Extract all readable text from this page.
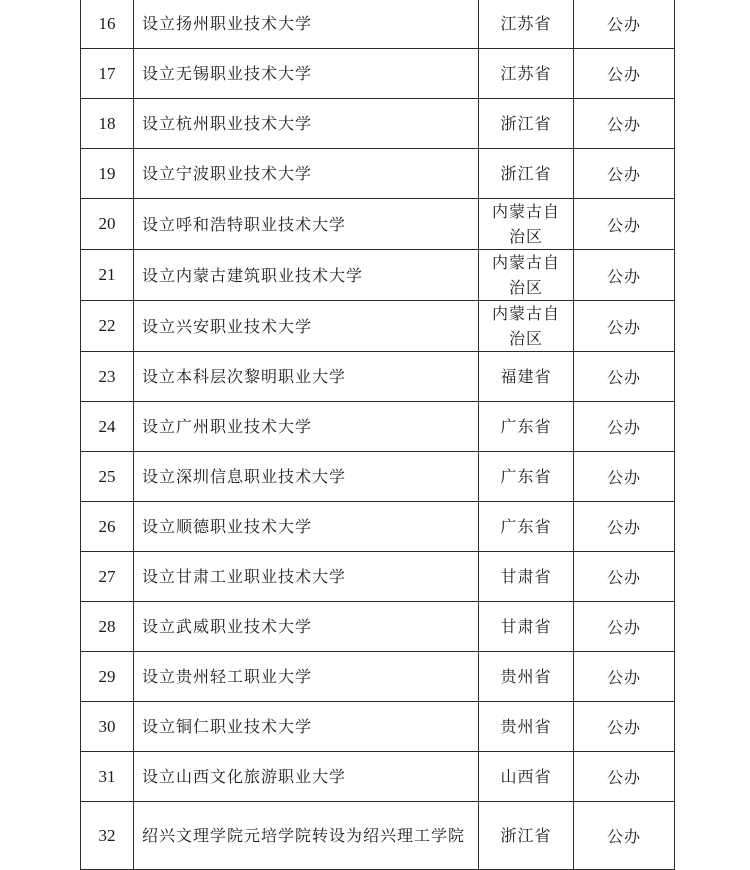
16	设立扬州职业技术大学	江苏省	公办
17	设立无锡职业技术大学	江苏省	公办
18	设立杭州职业技术大学	浙江省	公办
19	设立宁波职业技术大学	浙江省	公办
20	设立呼和浩特职业技术大学	内蒙古自治区	公办
21	设立内蒙古建筑职业技术大学	内蒙古自治区	公办
22	设立兴安职业技术大学	内蒙古自治区	公办
23	设立本科层次黎明职业大学	福建省	公办
24	设立广州职业技术大学	广东省	公办
25	设立深圳信息职业技术大学	广东省	公办
26	设立顺德职业技术大学	广东省	公办
27	设立甘肃工业职业技术大学	甘肃省	公办
28	设立武威职业技术大学	甘肃省	公办
29	设立贵州轻工职业大学	贵州省	公办
30	设立铜仁职业技术大学	贵州省	公办
31	设立山西文化旅游职业大学	山西省	公办
32	绍兴文理学院元培学院转设为绍兴理工学院	浙江省	公办
